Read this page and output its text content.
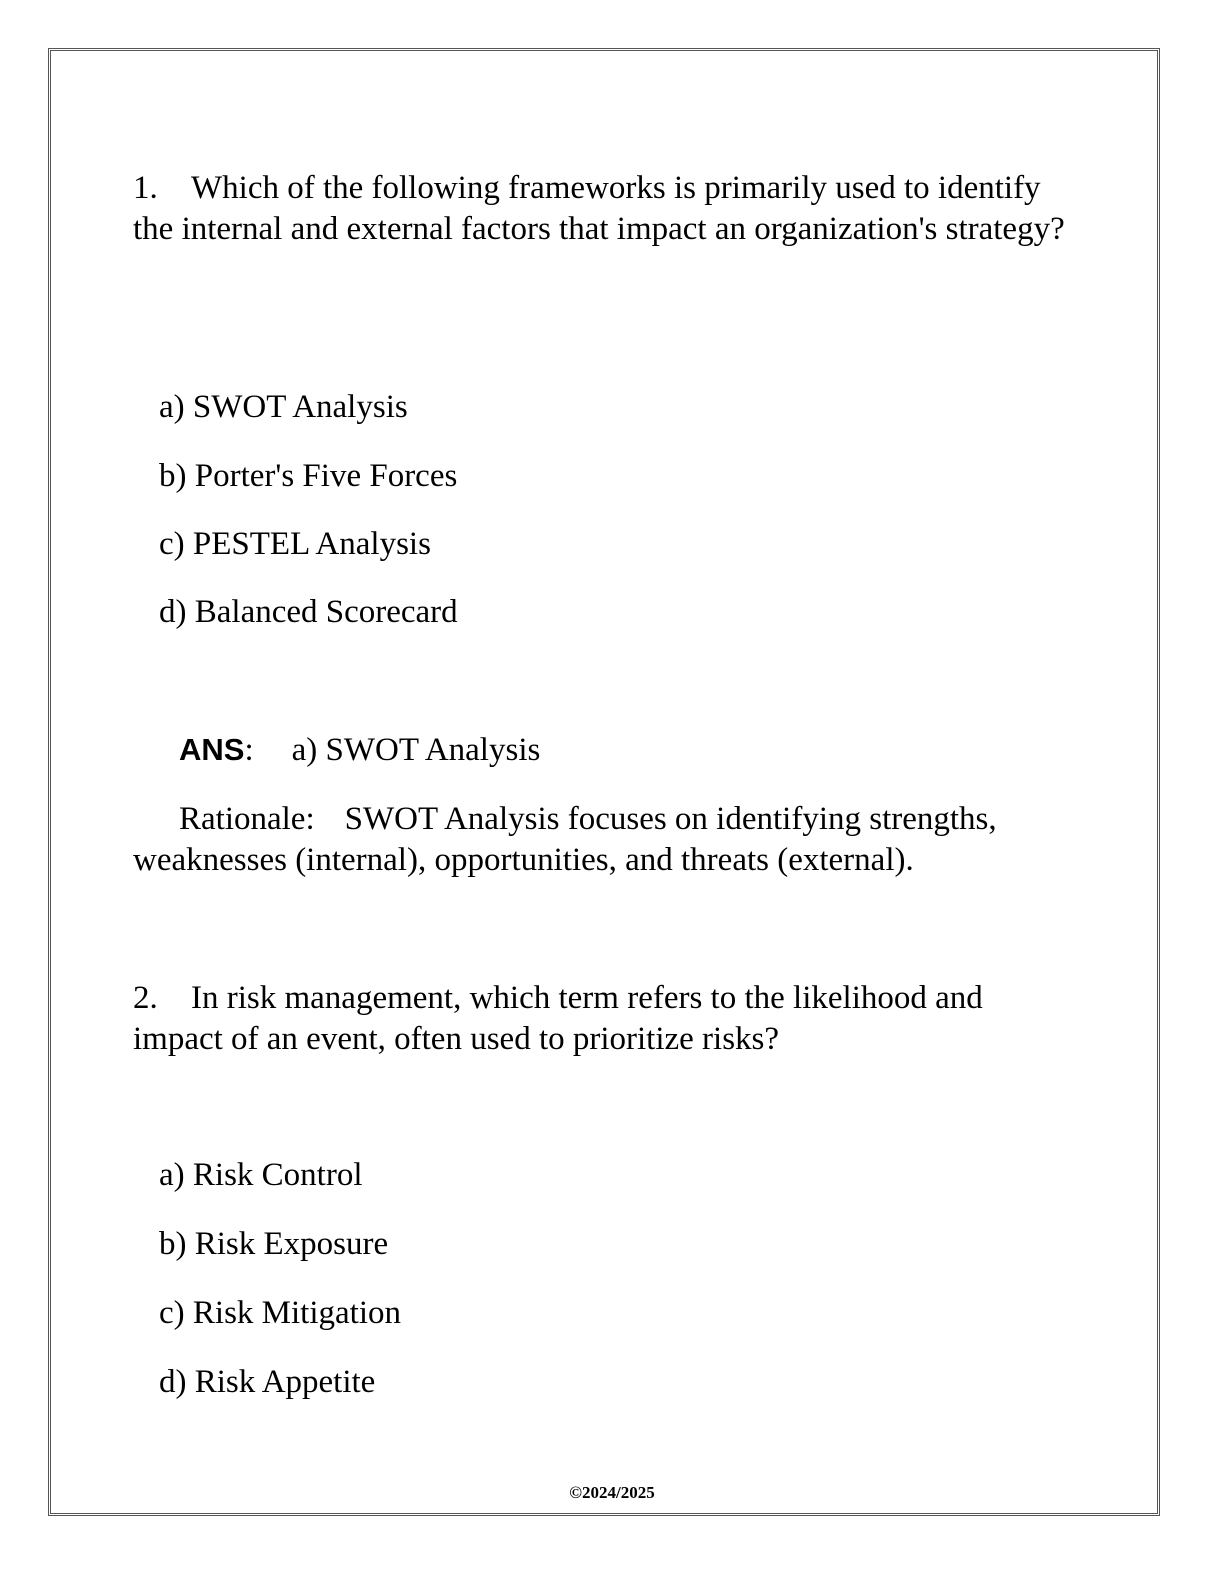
1. Which of the following frameworks is primarily used to identify the internal and external factors that impact an organization's strategy?
a) SWOT Analysis
b) Porter's Five Forces
c) PESTEL Analysis
d) Balanced Scorecard
ANS: a) SWOT Analysis
Rationale: SWOT Analysis focuses on identifying strengths, weaknesses (internal), opportunities, and threats (external).
2. In risk management, which term refers to the likelihood and impact of an event, often used to prioritize risks?
a) Risk Control
b) Risk Exposure
c) Risk Mitigation
d) Risk Appetite
©2024/2025
